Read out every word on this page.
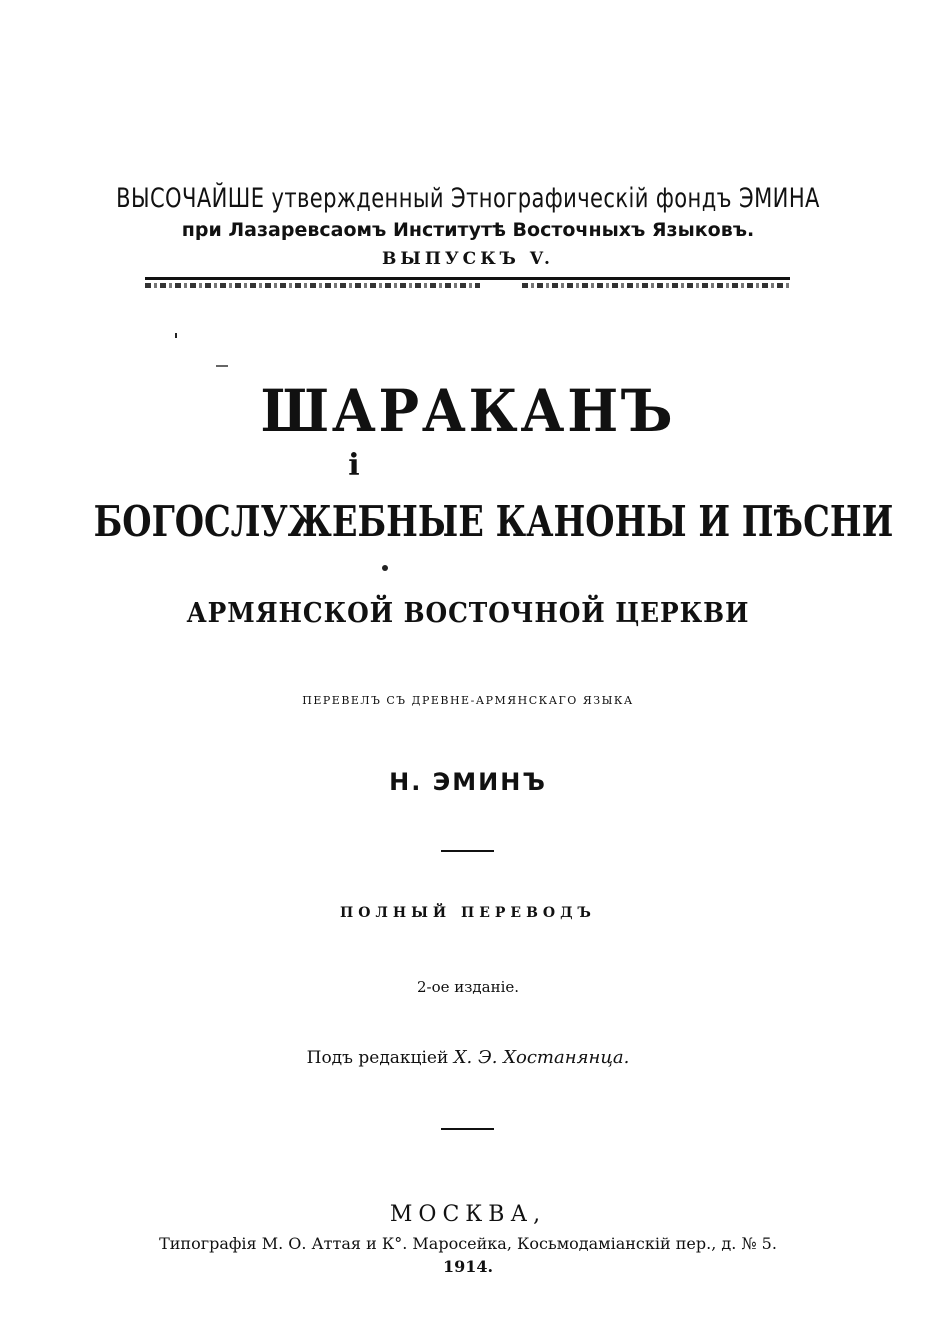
ВЫСОЧАЙШЕ утвержденный Этнографическiй фондъ ЭМИНА
при Лазаревсаомъ Институтѣ Восточныхъ Языковъ.
ВЫПУСКЪ V.
ШАРАКАНЪ
i
БОГОСЛУЖЕБНЫЕ КАНОНЫ И ПѢСНИ
АРМЯНСКОЙ ВОСТОЧНОЙ ЦЕРКВИ
ПЕРЕВЕЛЪ СЪ ДРЕВНЕ-АРМЯНСКАГО ЯЗЫКА
Н. ЭМИНЪ
ПОЛНЫЙ ПЕРЕВОДЪ
2-ое изданiе.
Подъ редакцiей Х. Э. Хостанянца.
МОСКВА,
Типографiя М. О. Аттая и К°. Маросейка, Косьмодамiанскiй пер., д. № 5.
1914.
